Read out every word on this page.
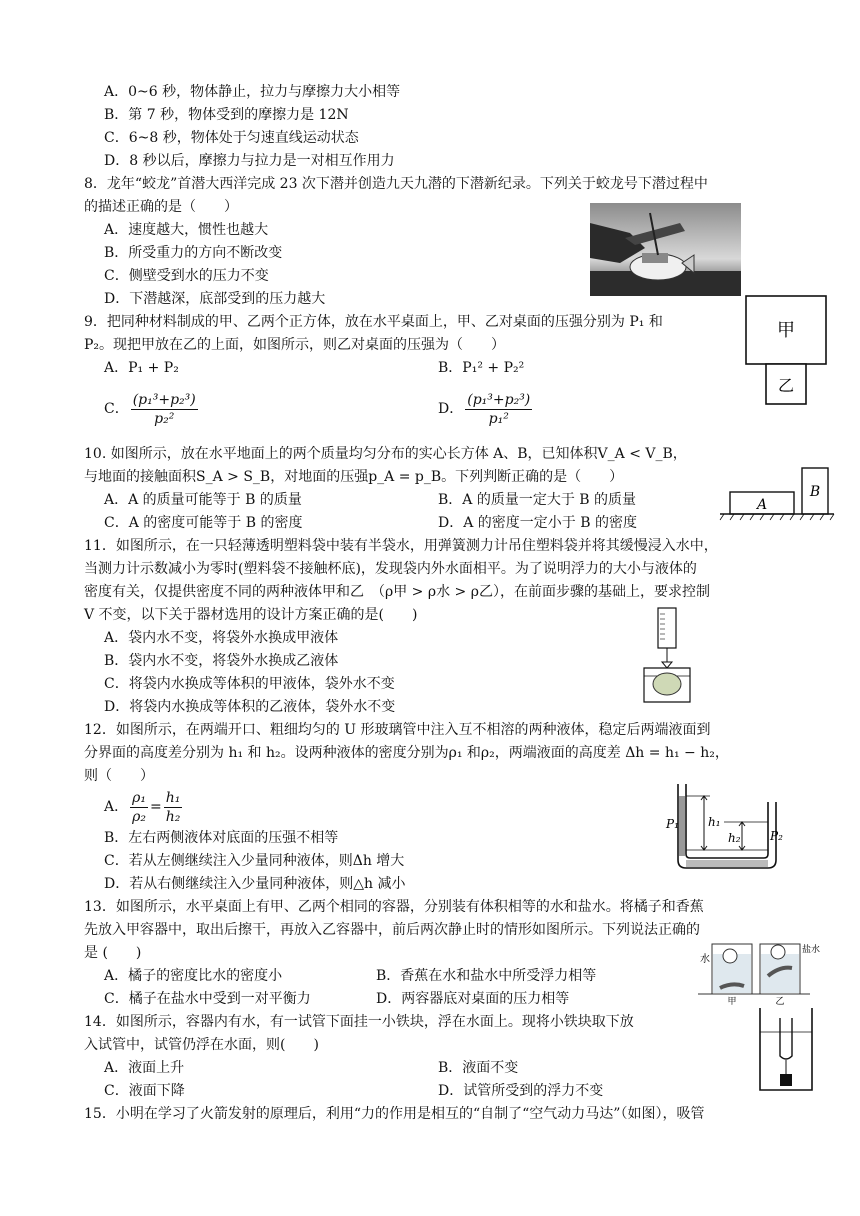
A．0~6 秒，物体静止，拉力与摩擦力大小相等
B．第 7 秒，物体受到的摩擦力是 12N
C．6~8 秒，物体处于匀速直线运动状态
D．8 秒以后，摩擦力与拉力是一对相互作用力
8．龙年“蛟龙”首潜大西洋完成 23 次下潜并创造九天九潜的下潜新纪录。下列关于蛟龙号下潜过程中
的描述正确的是（　　）
A．速度越大，惯性也越大
B．所受重力的方向不断改变
C．侧壁受到水的压力不变
D．下潜越深，底部受到的压力越大
9．把同种材料制成的甲、乙两个正方体，放在水平桌面上，甲、乙对桌面的压强分别为 P₁ 和
P₂。现把甲放在乙的上面，如图所示，则乙对桌面的压强为（　　）
A．P₁ + P₂	B．P₁² + P₂²
C． $\frac{\text{(p₁³+p₂³)}}{\text{p₂²}}$	D． $\frac{\text{(p₁³+p₂³)}}{\text{p₁²}}$
甲
乙
10. 如图所示，放在水平地面上的两个质量均匀分布的实心长方体 A、B，已知体积V_A < V_B，
与地面的接触面积S_A > S_B，对地面的压强p_A = p_B。下列判断正确的是（　　）
A．A 的质量可能等于 B 的质量	B．A 的质量一定大于 B 的质量
C．A 的密度可能等于 B 的密度	D．A 的密度一定小于 B 的密度
A
B
11．如图所示，在一只轻薄透明塑料袋中装有半袋水，用弹簧测力计吊住塑料袋并将其缓慢浸入水中，
当测力计示数减小为零时(塑料袋不接触杯底)，发现袋内外水面相平。为了说明浮力的大小与液体的
密度有关，仅提供密度不同的两种液体甲和乙　（ρ甲 > ρ水 > ρ乙），在前面步骤的基础上，要求控制
V 不变，以下关于器材选用的设计方案正确的是(　　)
A．袋内水不变，将袋外水换成甲液体
B．袋内水不变，将袋外水换成乙液体
C．将袋内水换成等体积的甲液体，袋外水不变
D．将袋内水换成等体积的乙液体，袋外水不变
12．如图所示，在两端开口、粗细均匀的 U 形玻璃管中注入互不相溶的两种液体，稳定后两端液面到
分界面的高度差分别为 h₁ 和 h₂。设两种液体的密度分别为ρ₁ 和ρ₂，两端液面的高度差 Δh = h₁ − h₂，
则（　　）
A． $\frac{\text{ρ₁}}{\text{ρ₂}} = \frac{\text{h₁}}{\text{h₂}}$
B．左右两侧液体对底面的压强不相等
C．若从左侧继续注入少量同种液体，则Δh 增大
D．若从右侧继续注入少量同种液体，则△h 减小
P₁ h₁
h₂ P₂
13．如图所示，水平桌面上有甲、乙两个相同的容器，分别装有体积相等的水和盐水。将橘子和香蕉
先放入甲容器中，取出后擦干，再放入乙容器中，前后两次静止时的情形如图所示。下列说法正确的
是 (　　)
A．橘子的密度比水的密度小	B．香蕉在水和盐水中所受浮力相等
C．橘子在盐水中受到一对平衡力	D．两容器底对桌面的压力相等
水
盐水
甲	乙
14．如图所示，容器内有水，有一试管下面挂一小铁块，浮在水面上。现将小铁块取下放
入试管中，试管仍浮在水面，则(　　)
A．液面上升	B．液面不变
C．液面下降	D．试管所受到的浮力不变
15．小明在学习了火箭发射的原理后，利用“力的作用是相互的“自制了“空气动力马达”（如图），吸管
